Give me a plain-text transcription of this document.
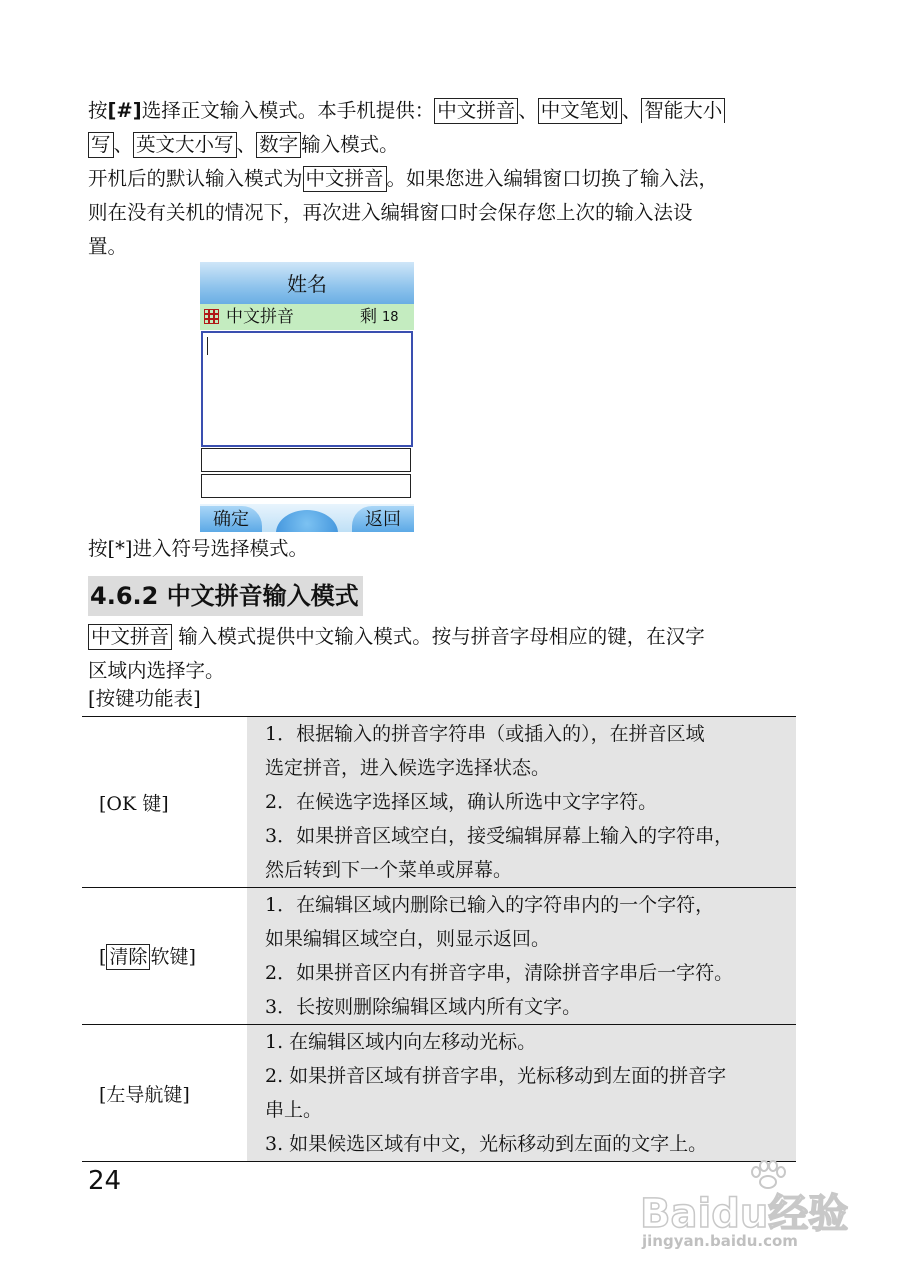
按[#]选择正文输入模式。本手机提供： 中文拼音 、 中文笔划 、 智能大小
写 、 英文大小写 、 数字 输入模式。
开机后的默认输入模式为 中文拼音 。如果您进入编辑窗口切换了输入法，
则在没有关机的情况下，再次进入编辑窗口时会保存您上次的输入法设
置。

姓名
中文拼音	剩 18
确定	返回

按[*]进入符号选择模式。

4.6.2 中文拼音输入模式

中文拼音 输入模式提供中文输入模式。按与拼音字母相应的键，在汉字
区域内选择字。

[按键功能表]

[OK 键]	1．根据输入的拼音字符串（或插入的），在拼音区域
选定拼音，进入候选字选择状态。
2．在候选字选择区域，确认所选中文字字符。
3．如果拼音区域空白，接受编辑屏幕上输入的字符串，
然后转到下一个菜单或屏幕。

[ 清除 软键]	1．在编辑区域内删除已输入的字符串内的一个字符，
如果编辑区域空白，则显示返回。
2．如果拼音区内有拼音字串，清除拼音字串后一字符。
3．长按则删除编辑区域内所有文字。

[左导航键]	1. 在编辑区域内向左移动光标。
2. 如果拼音区域有拼音字串，光标移动到左面的拼音字
串上。
3. 如果候选区域有中文，光标移动到左面的文字上。
24
Baidu经验
jingyan.baidu.com
